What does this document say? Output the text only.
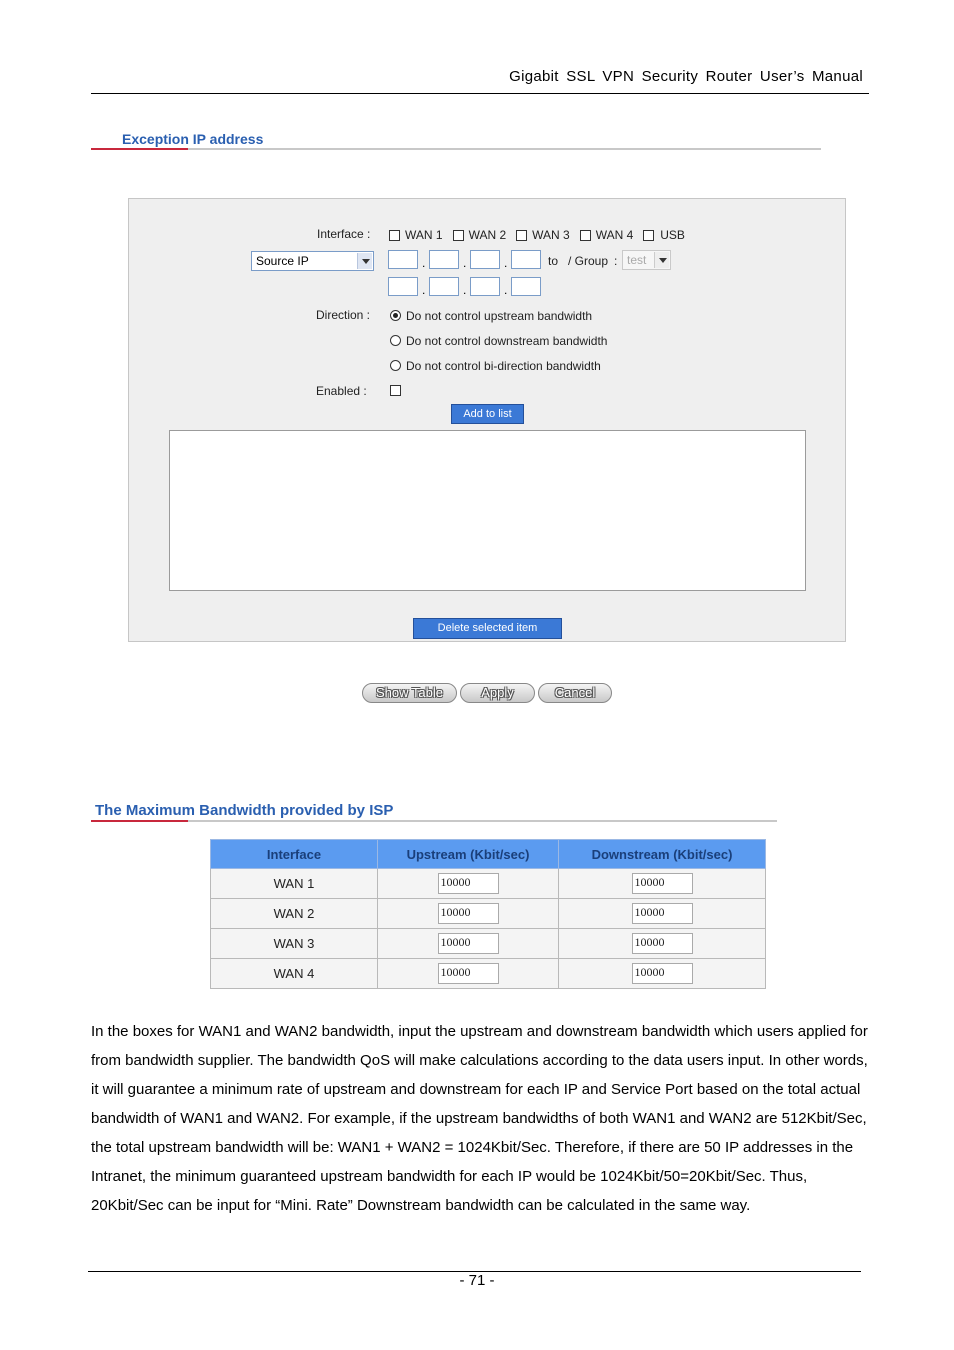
Gigabit SSL VPN Security Router User’s Manual
Exception IP address
Interface :	WAN 1 WAN 2 WAN 3 WAN 4 USB
Source IP	.	.	.	to / Group : test
.	.	.
Direction :	Do not control upstream bandwidth
Do not control downstream bandwidth
Do not control bi-direction bandwidth
Enabled :
Add to list
Delete selected item
Show Table	Apply	Cancel
The Maximum Bandwidth provided by ISP
Interface	Upstream (Kbit/sec)	Downstream (Kbit/sec)
WAN 1	10000	10000
WAN 2	10000	10000
WAN 3	10000	10000
WAN 4	10000	10000
In the boxes for WAN1 and WAN2 bandwidth, input the upstream and downstream bandwidth which users applied for from bandwidth supplier. The bandwidth QoS will make calculations according to the data users input. In other words, it will guarantee a minimum rate of upstream and downstream for each IP and Service Port based on the total actual bandwidth of WAN1 and WAN2. For example, if the upstream bandwidths of both WAN1 and WAN2 are 512Kbit/Sec, the total upstream bandwidth will be: WAN1 + WAN2 = 1024Kbit/Sec. Therefore, if there are 50 IP addresses in the Intranet, the minimum guaranteed upstream bandwidth for each IP would be 1024Kbit/50=20Kbit/Sec. Thus, 20Kbit/Sec can be input for “Mini. Rate” Downstream bandwidth can be calculated in the same way.
- 71 -
